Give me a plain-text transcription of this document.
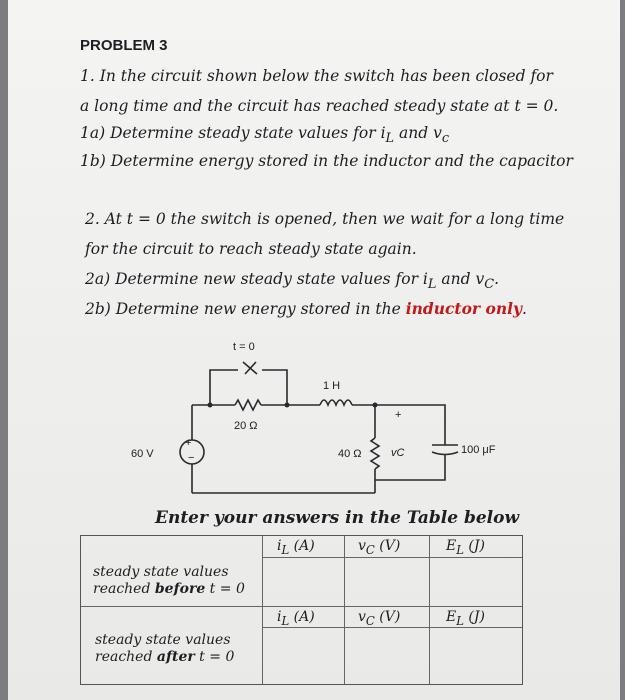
PROBLEM 3
1. In the circuit shown below the switch has been closed for
a long time and the circuit has reached steady state at t = 0.
1a) Determine steady state values for $i_L$ and $v_c$
1b) Determine energy stored in the inductor and the capacitor
2. At t = 0 the switch is opened, then we wait for a long time
for the circuit to reach steady state again.
2a) Determine new steady state values for $i_L$ and $v_C$.
2b) Determine new energy stored in the inductor only.
t = 0
20 Ω
1 H
40 Ω	vC
+
100 μF
60 V
+
−
Enter your answers in the Table below
$i_L$ (A)	$v_C$ (V)	$E_L$ (J)
steady state values
reached before t = 0
$i_L$ (A)	$v_C$ (V)	$E_L$ (J)
steady state values
reached after t = 0
